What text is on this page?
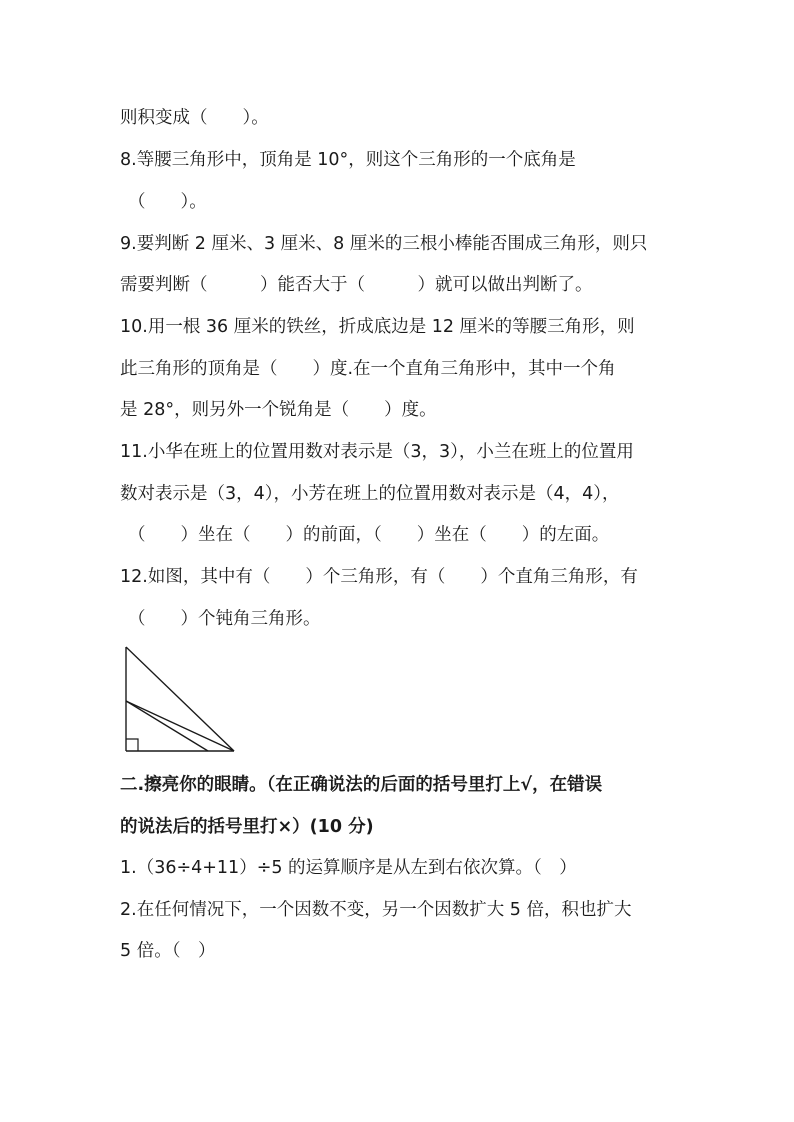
则积变成（　　）。
8.等腰三角形中，顶角是 10°，则这个三角形的一个底角是
（　　）。
9.要判断 2 厘米、3 厘米、8 厘米的三根小棒能否围成三角形，则只
需要判断（　　　）能否大于（　　　）就可以做出判断了。
10.用一根 36 厘米的铁丝，折成底边是 12 厘米的等腰三角形，则
此三角形的顶角是（　　）度.在一个直角三角形中，其中一个角
是 28°，则另外一个锐角是（　　）度。
11.小华在班上的位置用数对表示是（3，3），小兰在班上的位置用
数对表示是（3，4），小芳在班上的位置用数对表示是（4，4），
（　　）坐在（　　）的前面，（　　）坐在（　　）的左面。
12.如图，其中有（　　）个三角形，有（　　）个直角三角形，有
（　　）个钝角三角形。
二.擦亮你的眼睛。（在正确说法的后面的括号里打上√，在错误
的说法后的括号里打×）(10 分)
1.（36÷4+11）÷5 的运算顺序是从左到右依次算。（　）
2.在任何情况下，一个因数不变，另一个因数扩大 5 倍，积也扩大
5 倍。（　）
